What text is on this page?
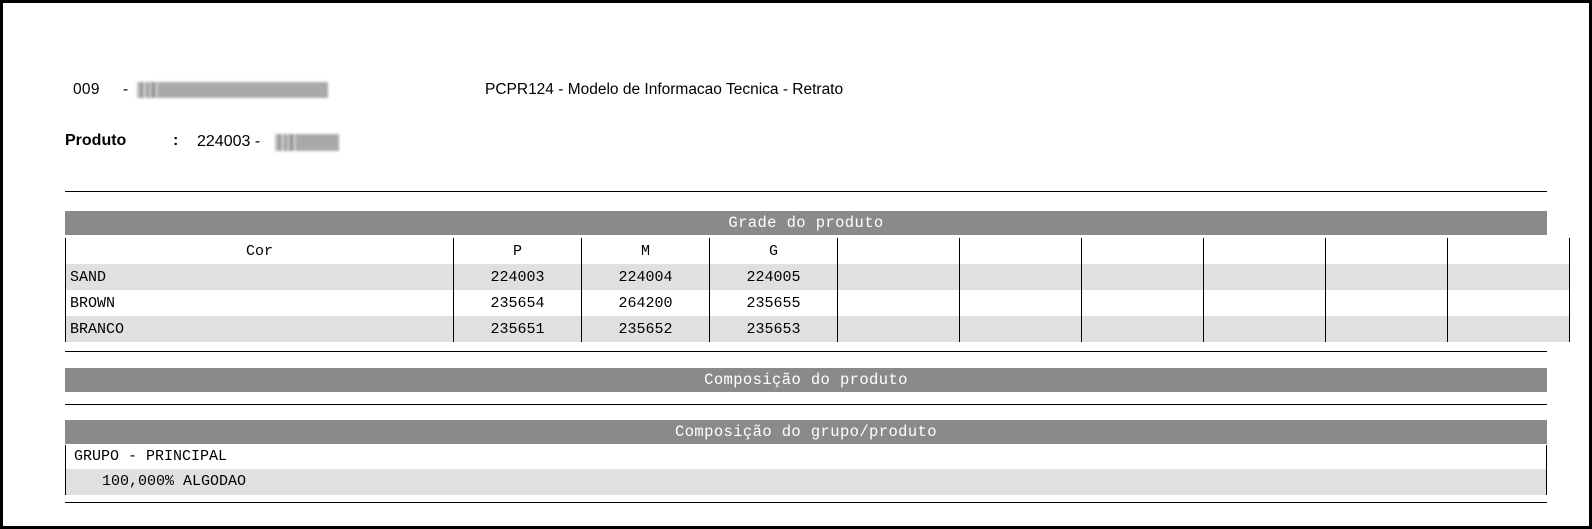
009 -	PCPR124 - Modelo de Informacao Tecnica - Retrato
Produto	: 224003 -
Grade do produto
Cor	P	M	G						
SAND	224003	224004	224005						
BROWN	235654	264200	235655						
BRANCO	235651	235652	235653						
Composição do produto
Composição do grupo/produto
GRUPO - PRINCIPAL
100,000% ALGODAO
